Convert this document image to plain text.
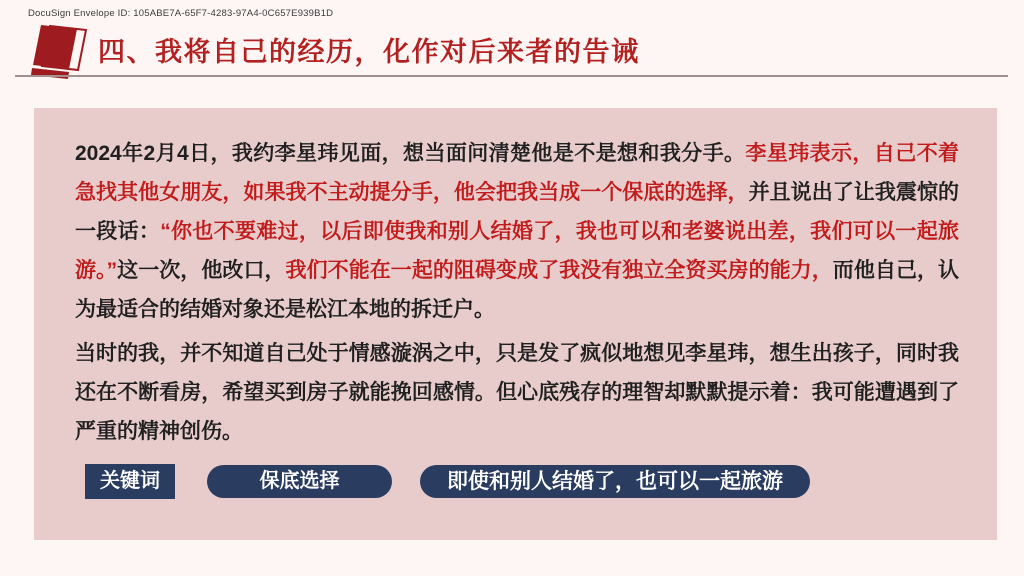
DocuSign Envelope ID: 105ABE7A-65F7-4283-97A4-0C657E939B1D
四、我将自己的经历，化作对后来者的告诫

2024年2月4日，我约李星玮见面，想当面问清楚他是不是想和我分手。李星玮表示，自己不着急找其他女朋友，如果我不主动提分手，他会把我当成一个保底的选择，并且说出了让我震惊的一段话：“你也不要难过，以后即使我和别人结婚了，我也可以和老婆说出差，我们可以一起旅游。”这一次，他改口，我们不能在一起的阻碍变成了我没有独立全资买房的能力，而他自己，认为最适合的结婚对象还是松江本地的拆迁户。

当时的我，并不知道自己处于情感漩涡之中，只是发了疯似地想见李星玮，想生出孩子，同时我还在不断看房，希望买到房子就能挽回感情。但心底残存的理智却默默提示着：我可能遭遇到了严重的精神创伤。

关键词	保底选择	即使和别人结婚了，也可以一起旅游
